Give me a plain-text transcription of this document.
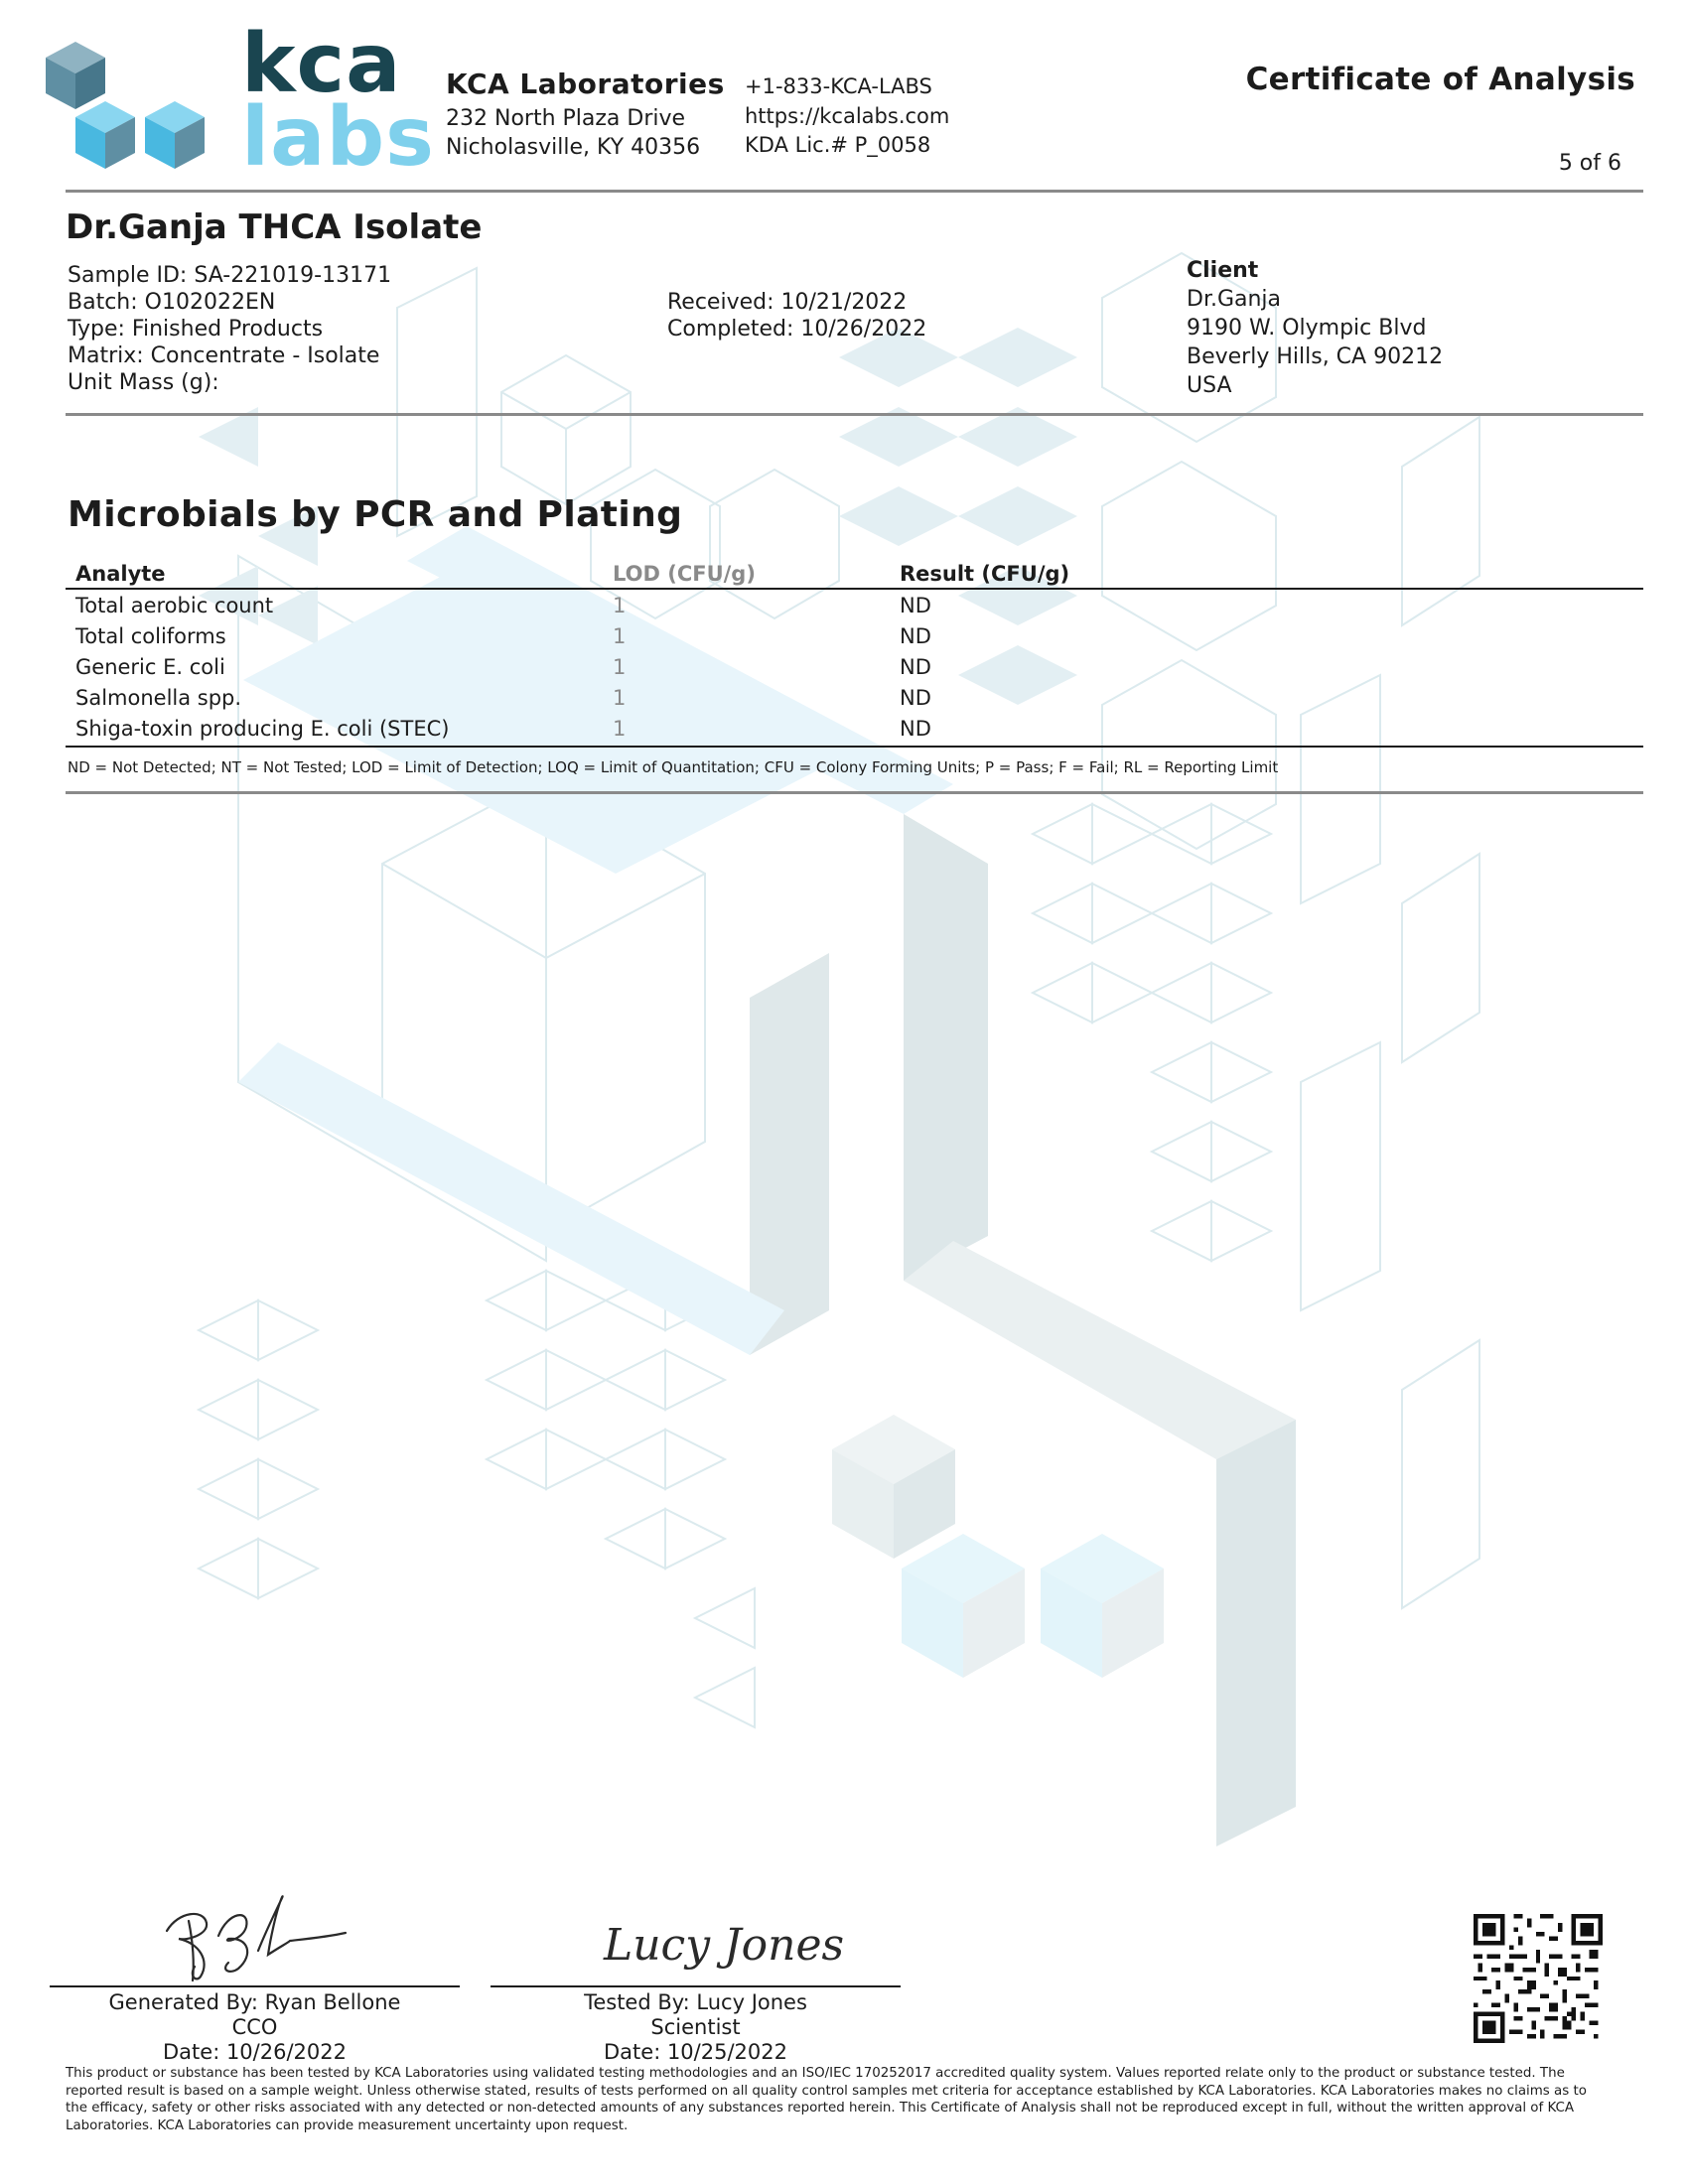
kca
labs
KCA Laboratories
232 North Plaza Drive
Nicholasville, KY 40356
+1-833-KCA-LABS
https://kcalabs.com
KDA Lic.# P_0058
Certificate of Analysis
5 of 6
Dr.Ganja THCA Isolate
Sample ID: SA-221019-13171
Batch: O102022EN
Type: Finished Products
Matrix: Concentrate - Isolate
Unit Mass (g):
Received: 10/21/2022
Completed: 10/26/2022
Client
Dr.Ganja
9190 W. Olympic Blvd
Beverly Hills, CA 90212
USA
Microbials by PCR and Plating
Analyte	LOD (CFU/g)	Result (CFU/g)
Total aerobic count	1	ND
Total coliforms	1	ND
Generic E. coli	1	ND
Salmonella spp.	1	ND
Shiga-toxin producing E. coli (STEC)	1	ND
ND = Not Detected; NT = Not Tested; LOD = Limit of Detection; LOQ = Limit of Quantitation; CFU = Colony Forming Units; P = Pass; F = Fail; RL = Reporting Limit
Generated By: Ryan Bellone
CCO
Date: 10/26/2022
Lucy Jones
Tested By: Lucy Jones
Scientist
Date: 10/25/2022
This product or substance has been tested by KCA Laboratories using validated testing methodologies and an ISO/IEC 170252017 accredited quality system. Values reported relate only to the product or substance tested. The reported result is based on a sample weight. Unless otherwise stated, results of tests performed on all quality control samples met criteria for acceptance established by KCA Laboratories. KCA Laboratories makes no claims as to the efficacy, safety or other risks associated with any detected or non-detected amounts of any substances reported herein. This Certificate of Analysis shall not be reproduced except in full, without the written approval of KCA Laboratories. KCA Laboratories can provide measurement uncertainty upon request.
